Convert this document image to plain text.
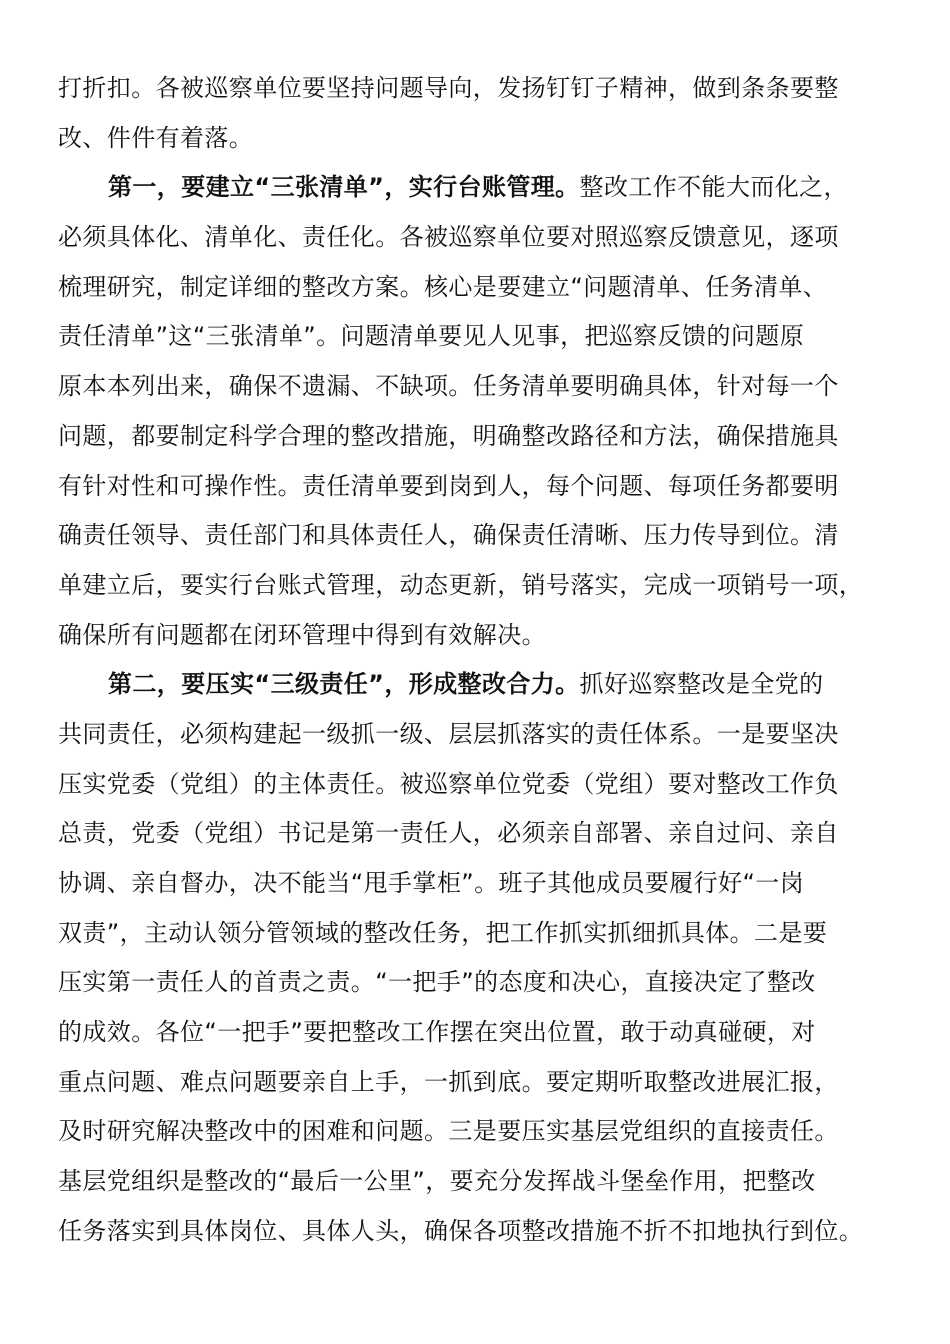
打折扣。各被巡察单位要坚持问题导向，发扬钉钉子精神，做到条条要整
改、件件有着落。
第一，要建立“三张清单”，实行台账管理。整改工作不能大而化之，
必须具体化、清单化、责任化。各被巡察单位要对照巡察反馈意见，逐项
梳理研究，制定详细的整改方案。核心是要建立“问题清单、任务清单、
责任清单”这“三张清单”。问题清单要见人见事，把巡察反馈的问题原
原本本列出来，确保不遗漏、不缺项。任务清单要明确具体，针对每一个
问题，都要制定科学合理的整改措施，明确整改路径和方法，确保措施具
有针对性和可操作性。责任清单要到岗到人，每个问题、每项任务都要明
确责任领导、责任部门和具体责任人，确保责任清晰、压力传导到位。清
单建立后，要实行台账式管理，动态更新，销号落实，完成一项销号一项，
确保所有问题都在闭环管理中得到有效解决。
第二，要压实“三级责任”，形成整改合力。抓好巡察整改是全党的
共同责任，必须构建起一级抓一级、层层抓落实的责任体系。一是要坚决
压实党委（党组）的主体责任。被巡察单位党委（党组）要对整改工作负
总责，党委（党组）书记是第一责任人，必须亲自部署、亲自过问、亲自
协调、亲自督办，决不能当“甩手掌柜”。班子其他成员要履行好“一岗
双责”，主动认领分管领域的整改任务，把工作抓实抓细抓具体。二是要
压实第一责任人的首责之责。“一把手”的态度和决心，直接决定了整改
的成效。各位“一把手”要把整改工作摆在突出位置，敢于动真碰硬，对
重点问题、难点问题要亲自上手，一抓到底。要定期听取整改进展汇报，
及时研究解决整改中的困难和问题。三是要压实基层党组织的直接责任。
基层党组织是整改的“最后一公里”，要充分发挥战斗堡垒作用，把整改
任务落实到具体岗位、具体人头，确保各项整改措施不折不扣地执行到位。
